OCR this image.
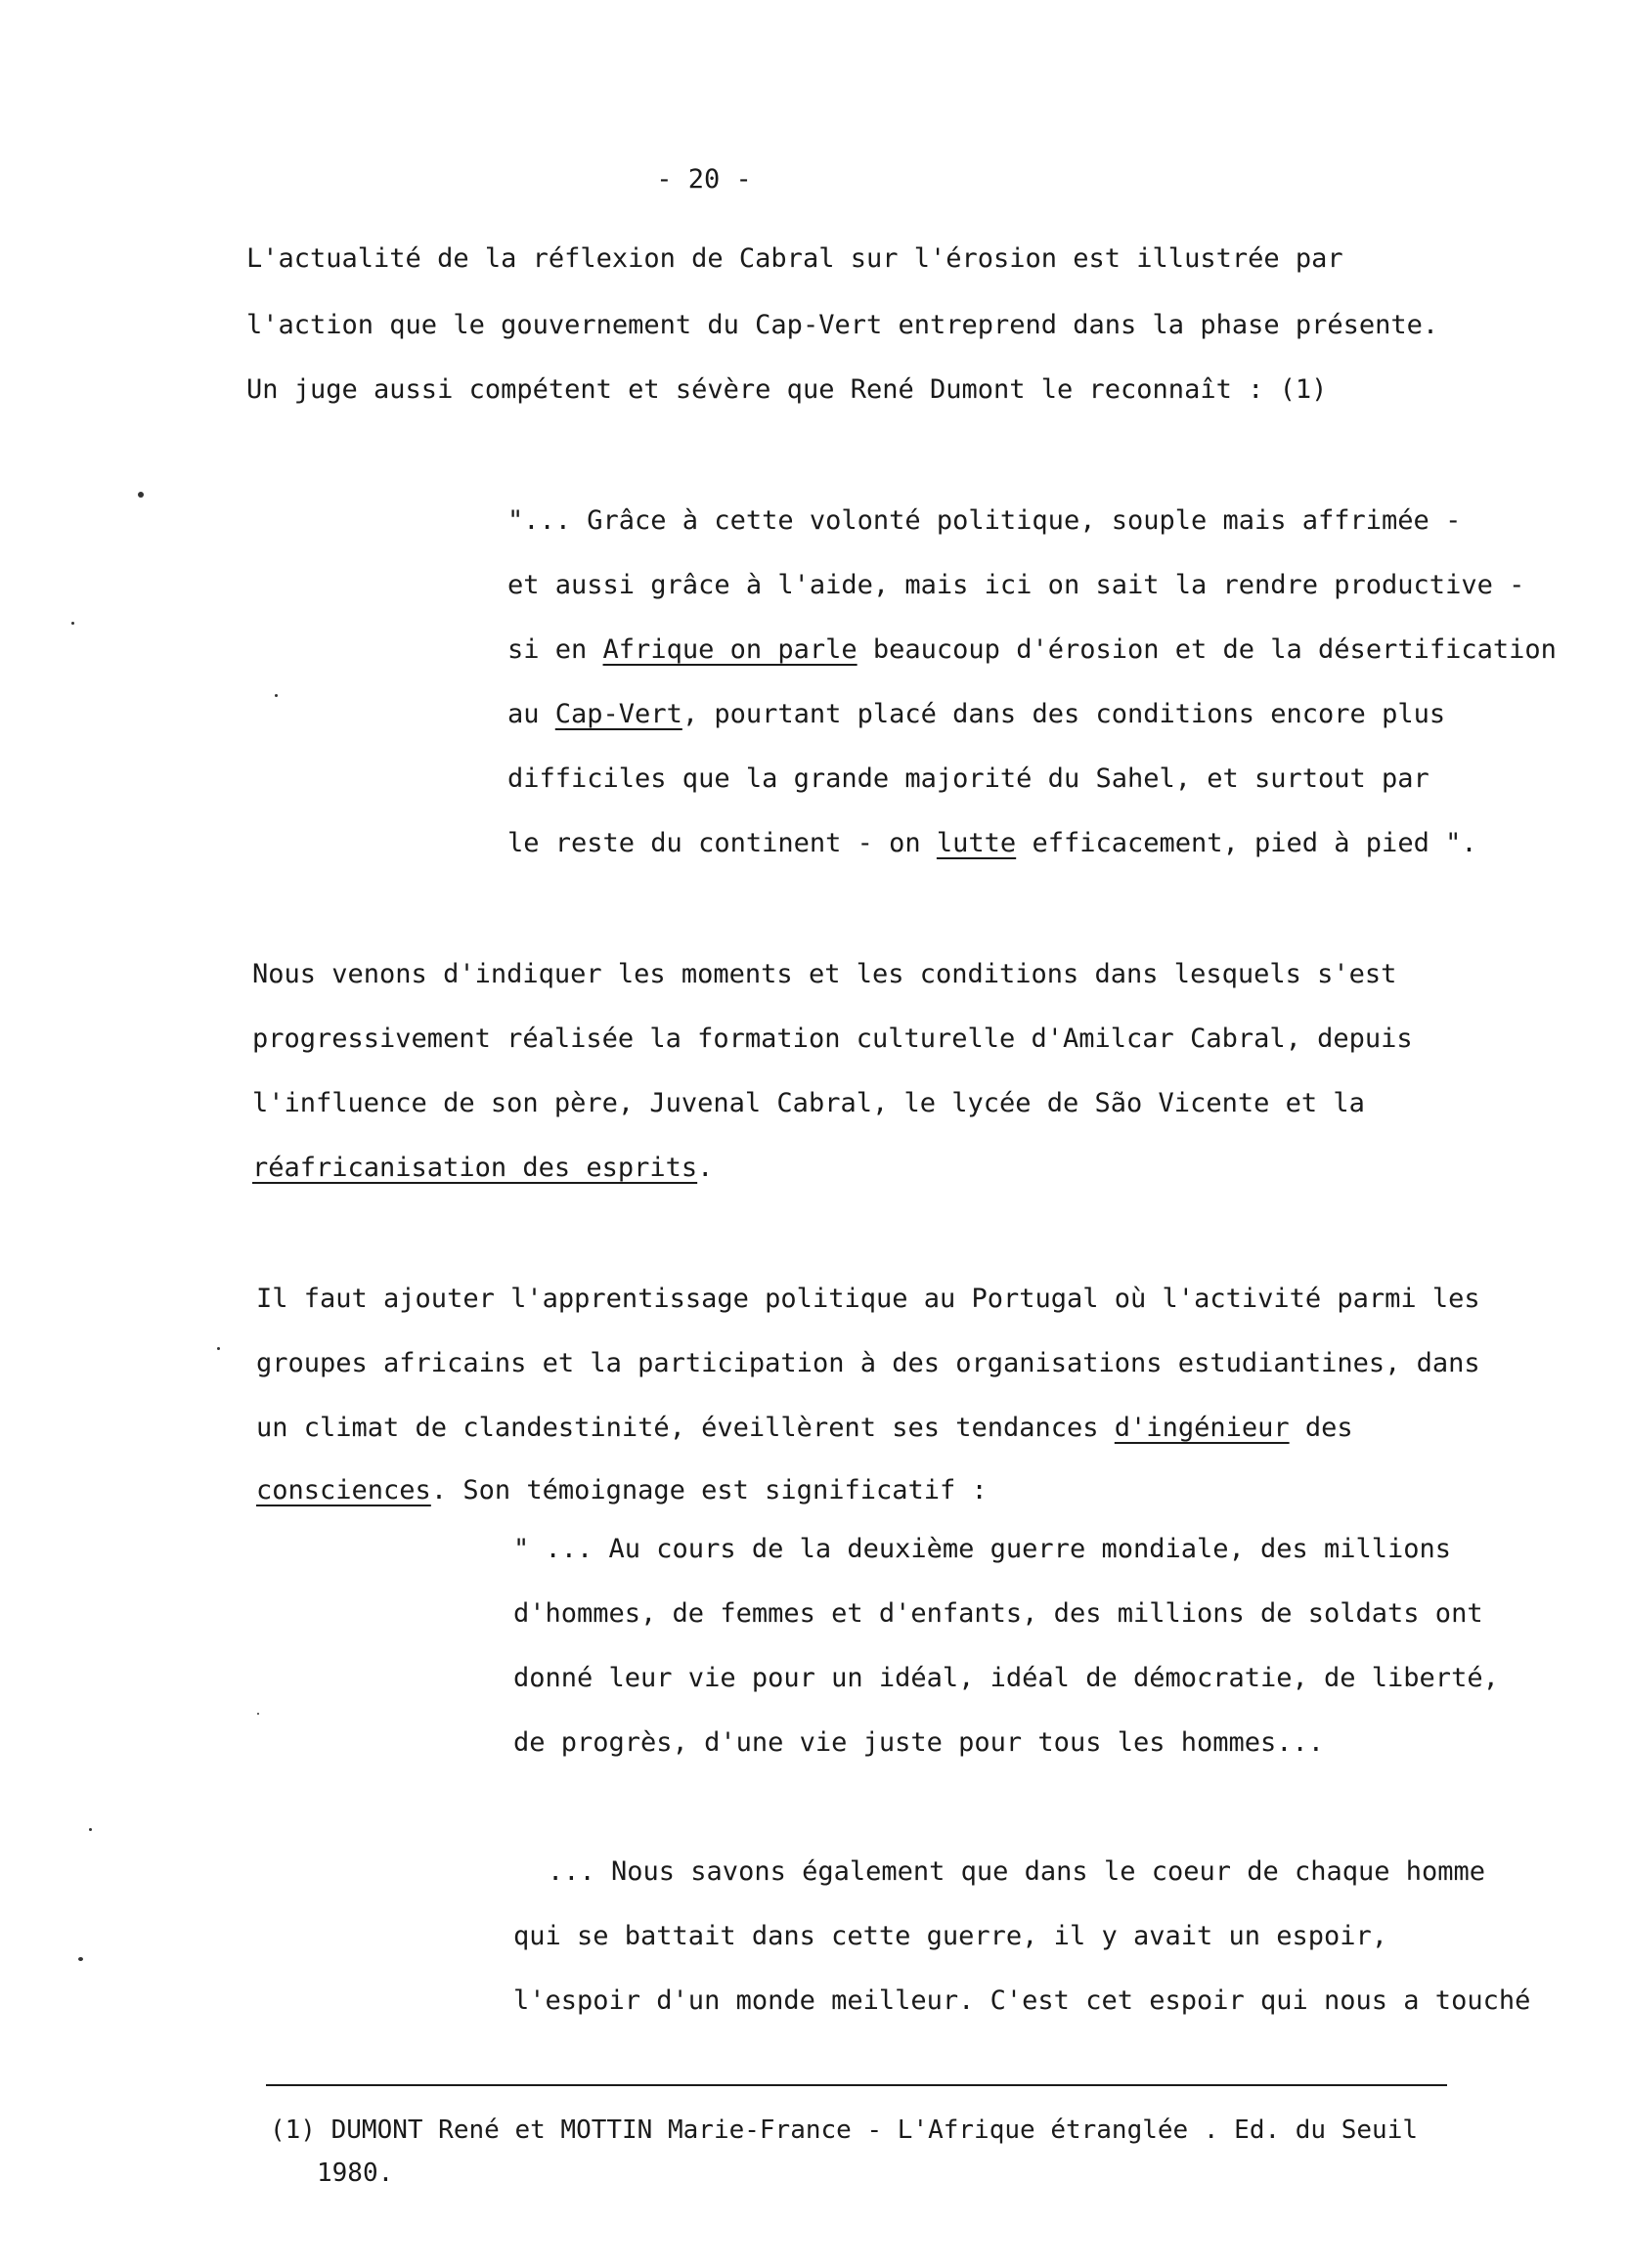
- 20 -
L'actualité de la réflexion de Cabral sur l'érosion est illustrée par
l'action que le gouvernement du Cap-Vert entreprend dans la phase présente.
Un juge aussi compétent et sévère que René Dumont le reconnaît : (1)
"... Grâce à cette volonté politique, souple mais affrimée -
et aussi grâce à l'aide, mais ici on sait la rendre productive -
si en Afrique on parle beaucoup d'érosion et de la désertification
au Cap-Vert, pourtant placé dans des conditions encore plus
difficiles que la grande majorité du Sahel, et surtout par
le reste du continent - on lutte efficacement, pied à pied ".
Nous venons d'indiquer les moments et les conditions dans lesquels s'est
progressivement réalisée la formation culturelle d'Amilcar Cabral, depuis
l'influence de son père, Juvenal Cabral, le lycée de São Vicente et la
réafricanisation des esprits.
Il faut ajouter l'apprentissage politique au Portugal où l'activité parmi les
groupes africains et la participation à des organisations estudiantines, dans
un climat de clandestinité, éveillèrent ses tendances d'ingénieur des
consciences. Son témoignage est significatif :
" ... Au cours de la deuxième guerre mondiale, des millions
d'hommes, de femmes et d'enfants, des millions de soldats ont
donné leur vie pour un idéal, idéal de démocratie, de liberté,
de progrès, d'une vie juste pour tous les hommes...
... Nous savons également que dans le coeur de chaque homme
qui se battait dans cette guerre, il y avait un espoir,
l'espoir d'un monde meilleur. C'est cet espoir qui nous a touché
(1) DUMONT René et MOTTIN Marie-France - L'Afrique étranglée . Ed. du Seuil
1980.
